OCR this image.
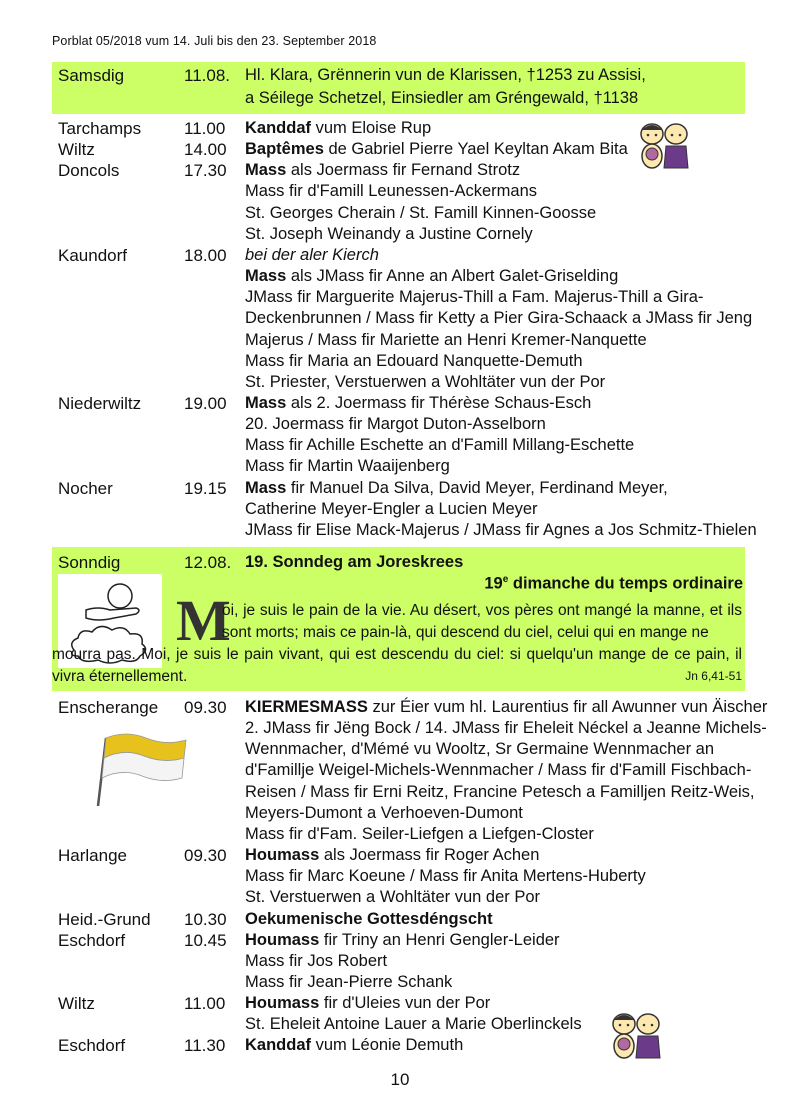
Porblat 05/2018 vum 14. Juli bis den 23. September 2018
Samsdig	11.08. Hl. Klara, Grënnerin vun de Klarissen, †1253 zu Assisi,
a Séilege Schetzel, Einsiedler am Gréngewald, †1138
Tarchamps	11.00 Kanddaf vum Eloise Rup
Wiltz	14.00 Baptêmes de Gabriel Pierre Yael Keyltan Akam Bita
Doncols	17.30 Mass als Joermass fir Fernand Strotz
Mass fir d'Famill Leunessen-Ackermans
St. Georges Cherain / St. Famill Kinnen-Goosse
St. Joseph Weinandy a Justine Cornely
Kaundorf	18.00 bei der aler Kierch
Mass als JMass fir Anne an Albert Galet-Griselding
JMass fir Marguerite Majerus-Thill a Fam. Majerus-Thill a Gira-
Deckenbrunnen / Mass fir Ketty a Pier Gira-Schaack a JMass fir Jeng
Majerus / Mass fir Mariette an Henri Kremer-Nanquette
Mass fir Maria an Edouard Nanquette-Demuth
St. Priester, Verstuerwen a Wohltäter vun der Por
Niederwiltz	19.00 Mass als 2. Joermass fir Thérèse Schaus-Esch
20. Joermass fir Margot Duton-Asselborn
Mass fir Achille Eschette an d'Famill Millang-Eschette
Mass fir Martin Waaijenberg
Nocher	19.15 Mass fir Manuel Da Silva, David Meyer, Ferdinand Meyer,
Catherine Meyer-Engler a Lucien Meyer
JMass fir Elise Mack-Majerus / JMass fir Agnes a Jos Schmitz-Thielen
Sonndig	12.08. 19. Sonndeg am Joreskrees
19e dimanche du temps ordinaire
M
oi, je suis le pain de la vie. Au désert, vos pères ont mangé la manne, et ils sont morts; mais ce pain-là, qui descend du ciel, celui qui en mange ne
mourra pas. Moi, je suis le pain vivant, qui est descendu du ciel: si quelqu'un mange de ce pain, il vivra éternellement.	Jn 6,41-51
Enscherange 09.30 KIERMESMASS zur Éier vum hl. Laurentius fir all Awunner vun Äischer
2. JMass fir Jëng Bock / 14. JMass fir Eheleit Néckel a Jeanne Michels-
Wennmacher, d'Mémé vu Wooltz, Sr Germaine Wennmacher an
d'Famillje Weigel-Michels-Wennmacher / Mass fir d'Famill Fischbach-
Reisen / Mass fir Erni Reitz, Francine Petesch a Familljen Reitz-Weis,
Meyers-Dumont a Verhoeven-Dumont
Mass fir d'Fam. Seiler-Liefgen a Liefgen-Closter
Harlange	09.30 Houmass als Joermass fir Roger Achen
Mass fir Marc Koeune / Mass fir Anita Mertens-Huberty
St. Verstuerwen a Wohltäter vun der Por
Heid.-Grund 10.30 Oekumenische Gottesdéngscht
Eschdorf	10.45 Houmass fir Triny an Henri Gengler-Leider
Mass fir Jos Robert
Mass fir Jean-Pierre Schank
Wiltz	11.00 Houmass fir d'Uleies vun der Por
St. Eheleit Antoine Lauer a Marie Oberlinckels
Eschdorf	11.30 Kanddaf vum Léonie Demuth
10
